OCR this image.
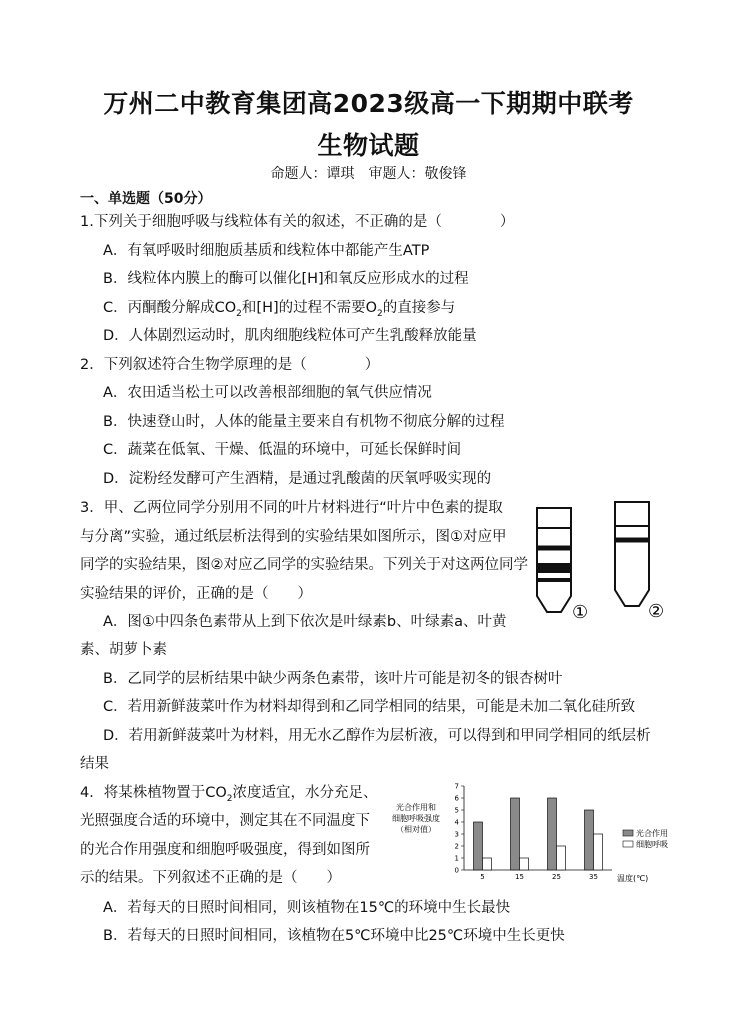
万州二中教育集团高2023级高一下期期中联考
生物试题
命题人：谭琪　审题人：敬俊锋
一、单选题（50分）
1.下列关于细胞呼吸与线粒体有关的叙述，不正确的是（　　　　）
A．有氧呼吸时细胞质基质和线粒体中都能产生ATP
B．线粒体内膜上的酶可以催化[H]和氧反应形成水的过程
C．丙酮酸分解成$CO_2$和[H]的过程不需要$O_2$的直接参与
D．人体剧烈运动时，肌肉细胞线粒体可产生乳酸释放能量
2．下列叙述符合生物学原理的是（　　　　）
A．农田适当松土可以改善根部细胞的氧气供应情况
B．快速登山时，人体的能量主要来自有机物不彻底分解的过程
C．蔬菜在低氧、干燥、低温的环境中，可延长保鲜时间
D．淀粉经发酵可产生酒精，是通过乳酸菌的厌氧呼吸实现的
3．甲、乙两位同学分别用不同的叶片材料进行“叶片中色素的提取
与分离”实验，通过纸层析法得到的实验结果如图所示，图①对应甲
同学的实验结果，图②对应乙同学的实验结果。下列关于对这两位同学
实验结果的评价，正确的是（　　）
A．图①中四条色素带从上到下依次是叶绿素b、叶绿素a、叶黄
素、胡萝卜素
B．乙同学的层析结果中缺少两条色素带，该叶片可能是初冬的银杏树叶
C．若用新鲜菠菜叶作为材料却得到和乙同学相同的结果，可能是未加二氧化硅所致
D．若用新鲜菠菜叶为材料，用无水乙醇作为层析液，可以得到和甲同学相同的纸层析
结果
①	②
4．将某株植物置于$CO_2$浓度适宜，水分充足、
光照强度合适的环境中，测定其在不同温度下
的光合作用强度和细胞呼吸强度，得到如图所
示的结果。下列叙述不正确的是（　　）
A．若每天的日照时间相同，则该植物在15℃的环境中生长最快
B．若每天的日照时间相同，该植物在5℃环境中比25℃环境中生长更快
光合作用和
细胞呼吸强度
（相对值）
0
1
2
3
4
5
6
7
5	15	25	35 温度(℃)
光合作用
细胞呼吸
